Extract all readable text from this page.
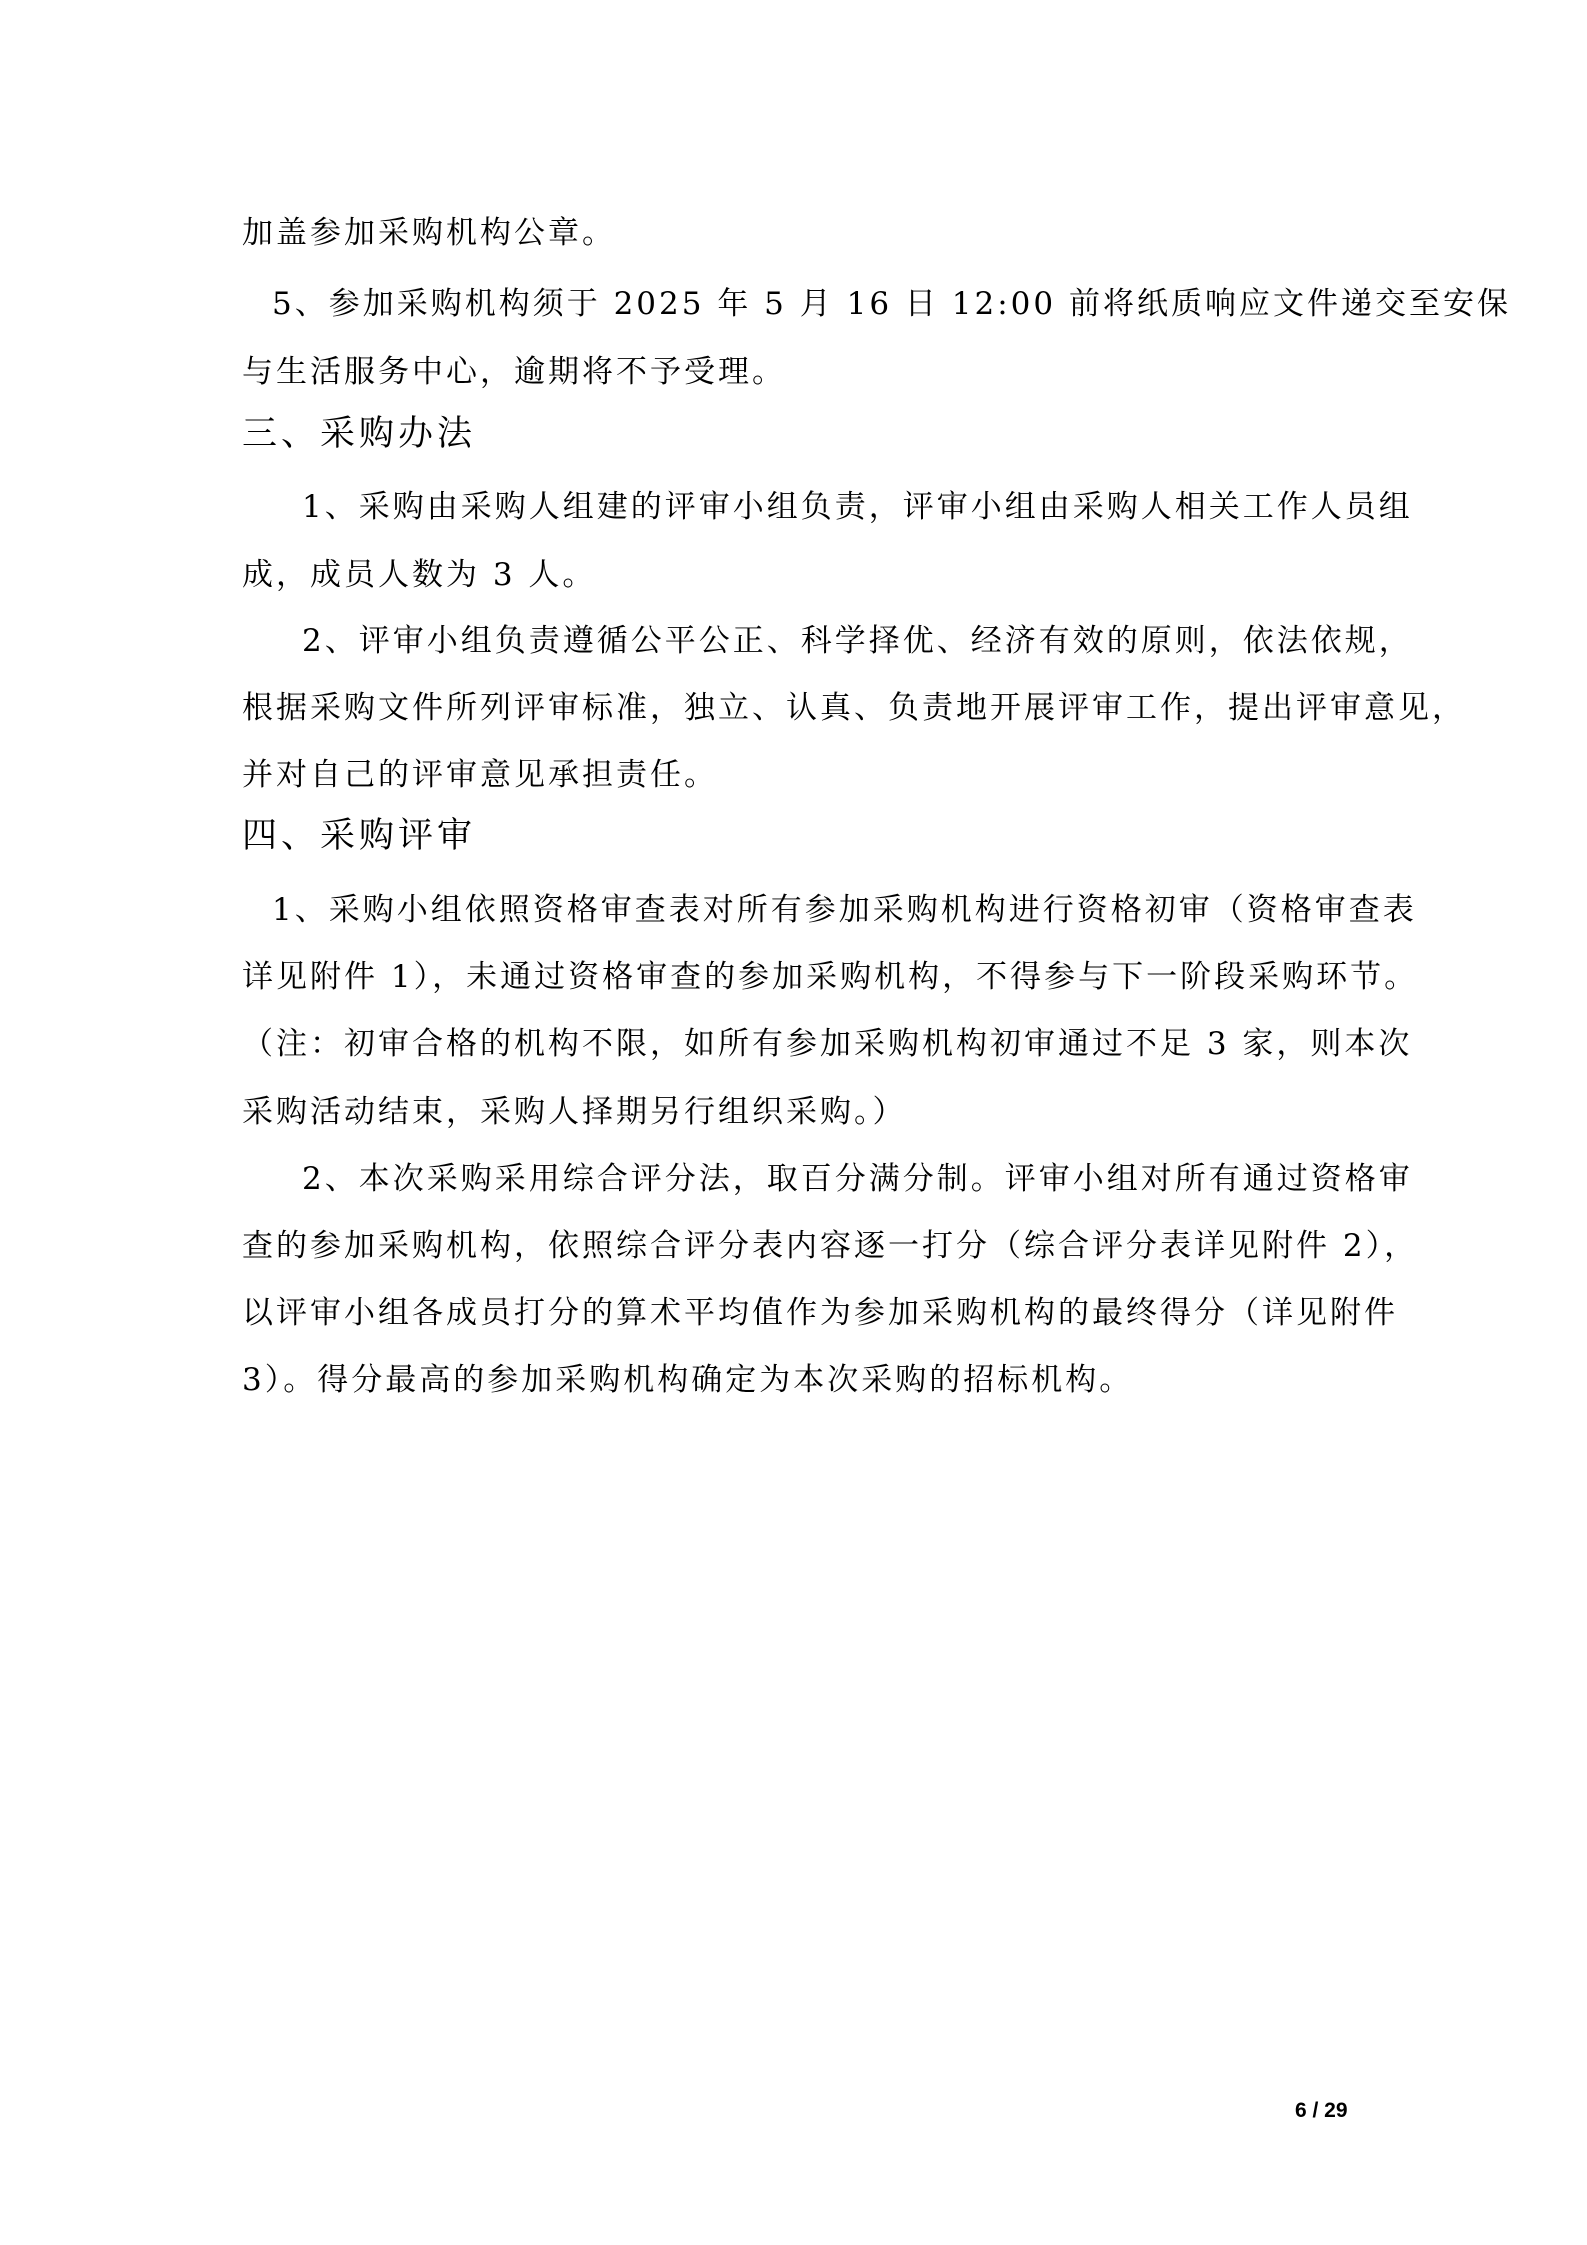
加盖参加采购机构公章。
5、参加采购机构须于 2025 年 5 月 16 日 12:00 前将纸质响应文件递交至安保
与生活服务中心，逾期将不予受理。
三、采购办法
1、采购由采购人组建的评审小组负责，评审小组由采购人相关工作人员组
成，成员人数为 3 人。
2、评审小组负责遵循公平公正、科学择优、经济有效的原则，依法依规，
根据采购文件所列评审标准，独立、认真、负责地开展评审工作，提出评审意见，
并对自己的评审意见承担责任。
四、采购评审
1、采购小组依照资格审查表对所有参加采购机构进行资格初审（资格审查表
详见附件 1），未通过资格审查的参加采购机构，不得参与下一阶段采购环节。
（注：初审合格的机构不限，如所有参加采购机构初审通过不足 3 家，则本次
采购活动结束，采购人择期另行组织采购。）
2、本次采购采用综合评分法，取百分满分制。评审小组对所有通过资格审
查的参加采购机构，依照综合评分表内容逐一打分（综合评分表详见附件 2），
以评审小组各成员打分的算术平均值作为参加采购机构的最终得分（详见附件
3）。得分最高的参加采购机构确定为本次采购的招标机构。
6 / 29
